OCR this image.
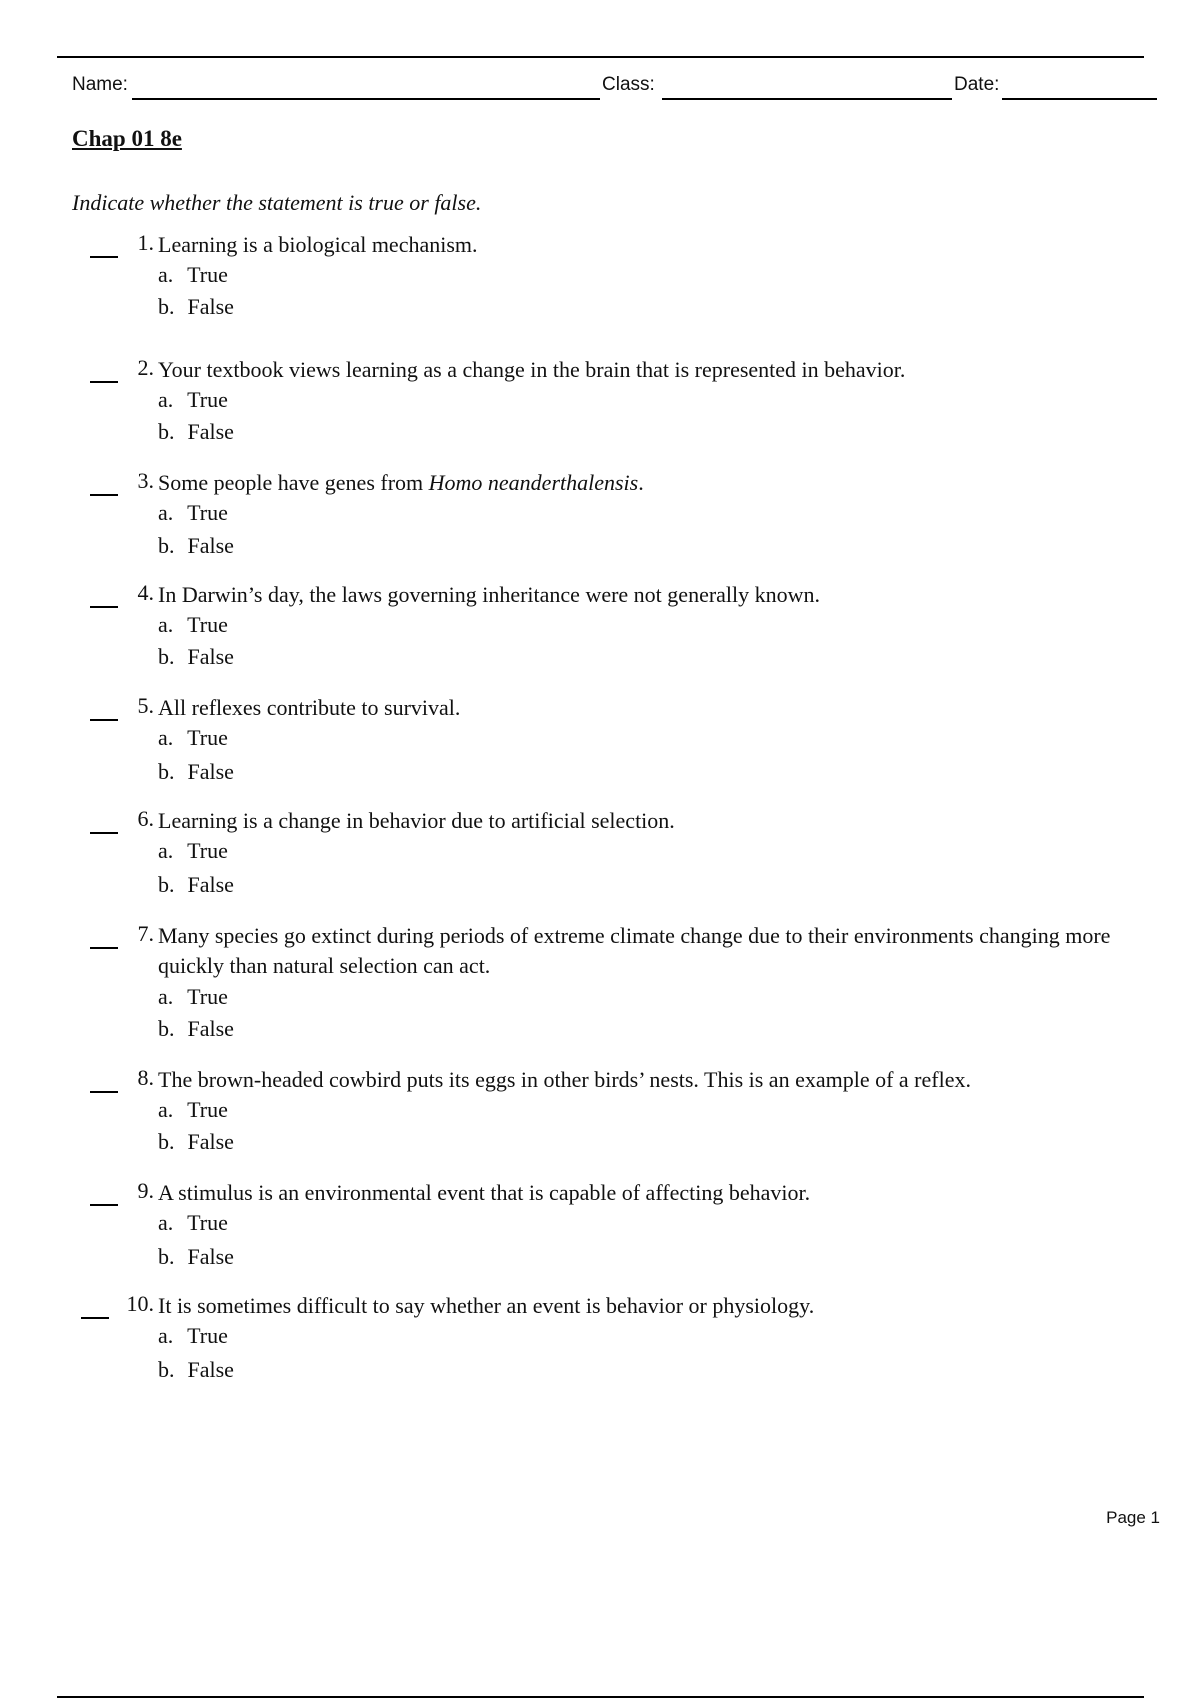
Name:	Class:	Date:
Chap 01 8e
Indicate whether the statement is true or false.
1. Learning is a biological mechanism.
a. True
b. False
2. Your textbook views learning as a change in the brain that is represented in behavior.
a. True
b. False
3. Some people have genes from Homo neanderthalensis.
a. True
b. False
4. In Darwin’s day, the laws governing inheritance were not generally known.
a. True
b. False
5. All reflexes contribute to survival.
a. True
b. False
6. Learning is a change in behavior due to artificial selection.
a. True
b. False
7. Many species go extinct during periods of extreme climate change due to their environments changing more quickly than natural selection can act.
a. True
b. False
8. The brown-headed cowbird puts its eggs in other birds’ nests. This is an example of a reflex.
a. True
b. False
9. A stimulus is an environmental event that is capable of affecting behavior.
a. True
b. False
10. It is sometimes difficult to say whether an event is behavior or physiology.
a. True
b. False
Page 1
